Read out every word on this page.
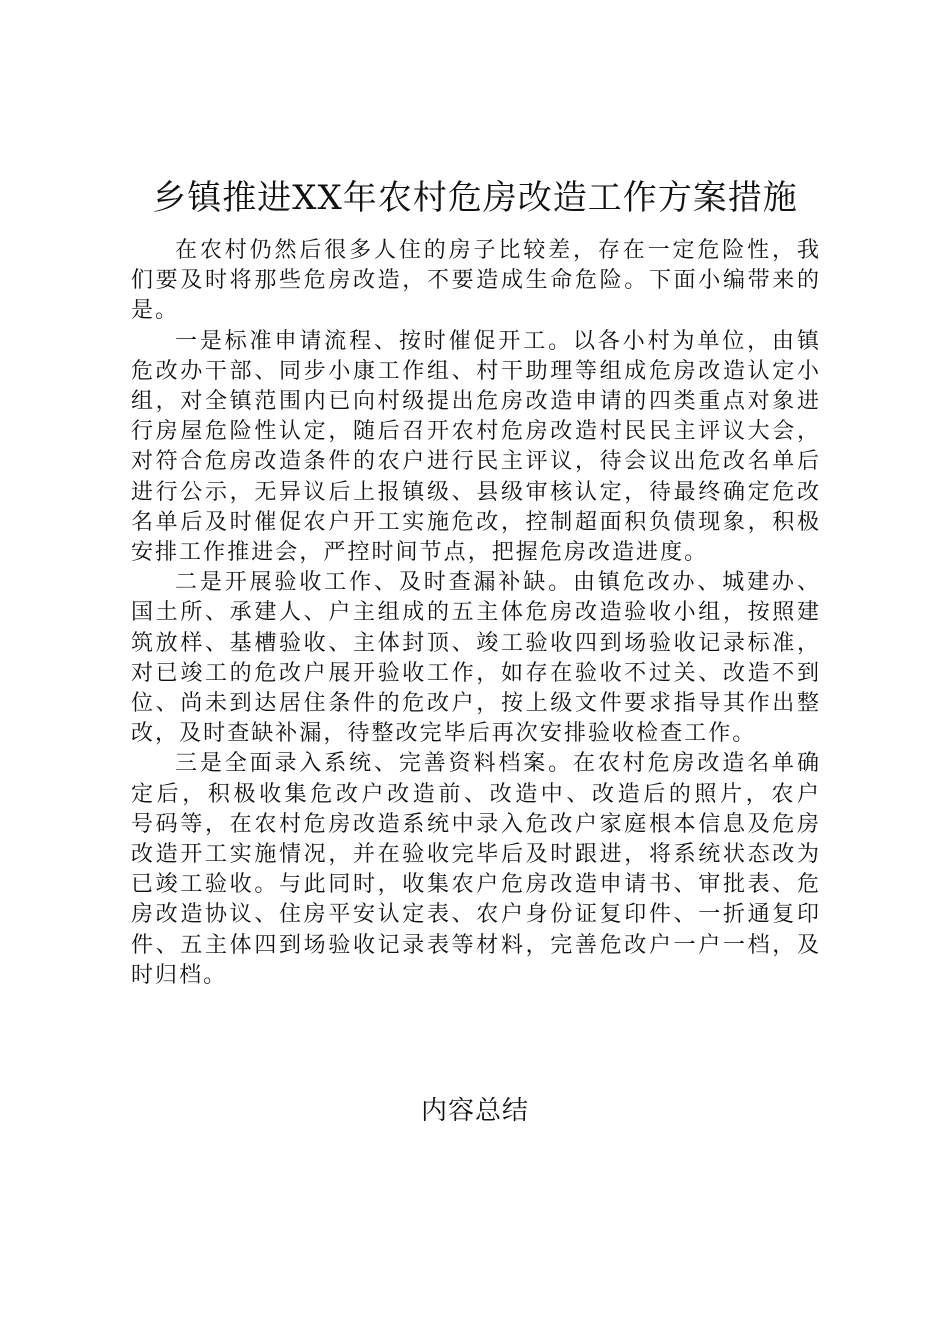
乡镇推进XX年农村危房改造工作方案措施

在农村仍然后很多人住的房子比较差，存在一定危险性，我们要及时将那些危房改造，不要造成生命危险。下面小编带来的是。

一是标准申请流程、按时催促开工。以各小村为单位，由镇危改办干部、同步小康工作组、村干助理等组成危房改造认定小组，对全镇范围内已向村级提出危房改造申请的四类重点对象进行房屋危险性认定，随后召开农村危房改造村民民主评议大会，对符合危房改造条件的农户进行民主评议，待会议出危改名单后进行公示，无异议后上报镇级、县级审核认定，待最终确定危改名单后及时催促农户开工实施危改，控制超面积负债现象，积极安排工作推进会，严控时间节点，把握危房改造进度。

二是开展验收工作、及时查漏补缺。由镇危改办、城建办、国土所、承建人、户主组成的五主体危房改造验收小组，按照建筑放样、基槽验收、主体封顶、竣工验收四到场验收记录标准，对已竣工的危改户展开验收工作，如存在验收不过关、改造不到位、尚未到达居住条件的危改户，按上级文件要求指导其作出整改，及时查缺补漏，待整改完毕后再次安排验收检查工作。

三是全面录入系统、完善资料档案。在农村危房改造名单确定后，积极收集危改户改造前、改造中、改造后的照片，农户　 号码等，在农村危房改造系统中录入危改户家庭根本信息及危房改造开工实施情况，并在验收完毕后及时跟进，将系统状态改为已竣工验收。与此同时，收集农户危房改造申请书、审批表、危房改造协议、住房平安认定表、农户身份证复印件、一折通复印件、五主体四到场验收记录表等材料，完善危改户一户一档，及时归档。

内容总结
